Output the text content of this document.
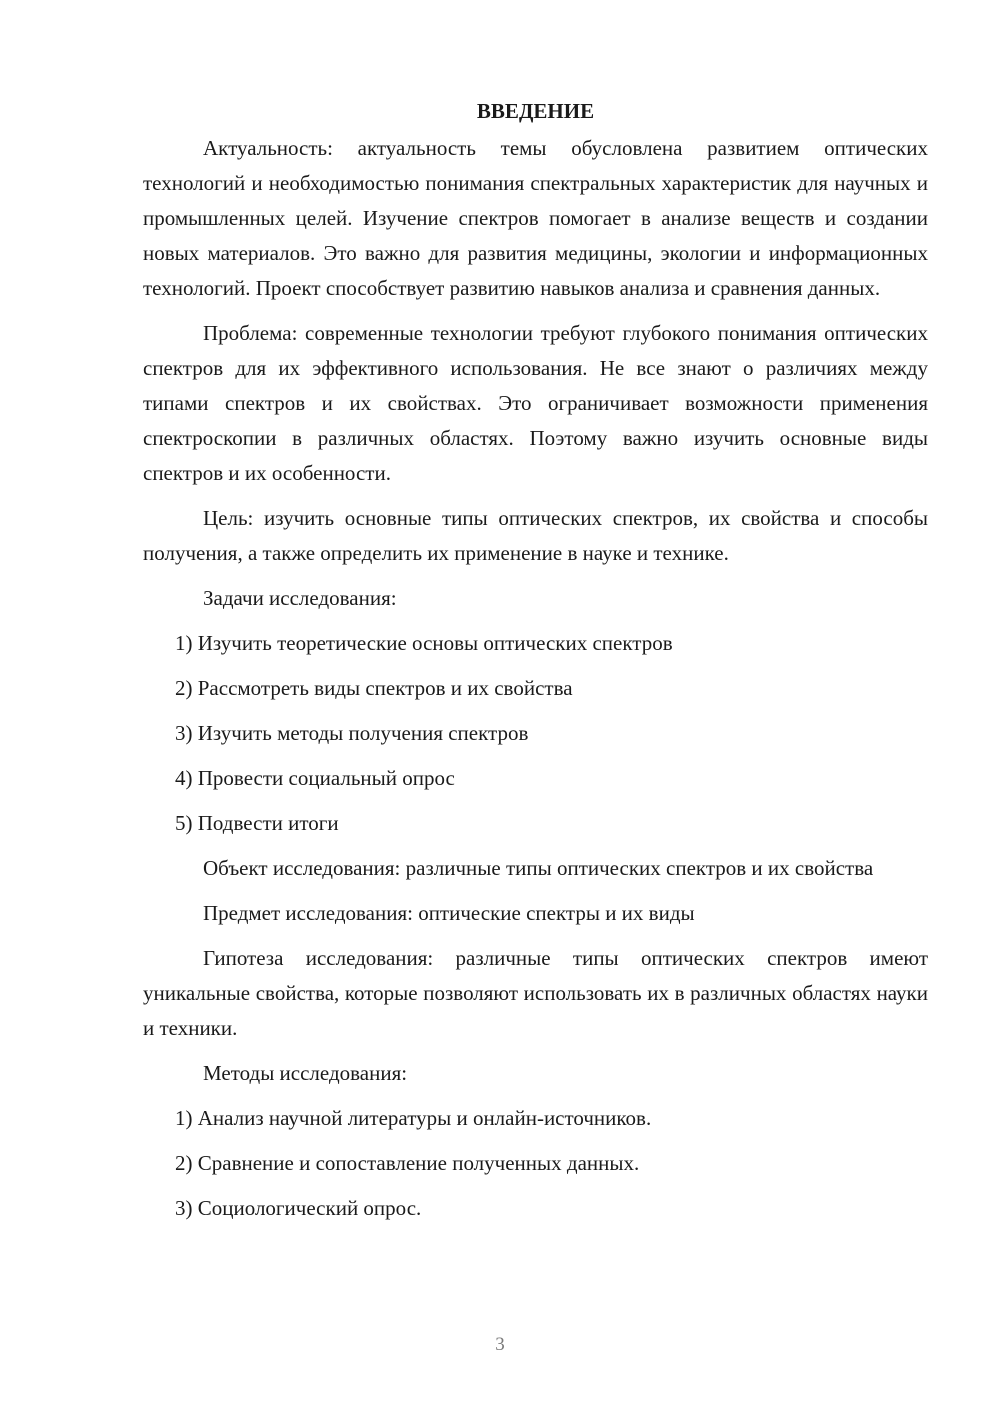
ВВЕДЕНИЕ

Актуальность: актуальность темы обусловлена развитием оптических технологий и необходимостью понимания спектральных характеристик для научных и промышленных целей. Изучение спектров помогает в анализе веществ и создании новых материалов. Это важно для развития медицины, экологии и информационных технологий. Проект способствует развитию навыков анализа и сравнения данных.

Проблема: современные технологии требуют глубокого понимания оптических спектров для их эффективного использования. Не все знают о различиях между типами спектров и их свойствах. Это ограничивает возможности применения спектроскопии в различных областях. Поэтому важно изучить основные виды спектров и их особенности.

Цель: изучить основные типы оптических спектров, их свойства и способы получения, а также определить их применение в науке и технике.

Задачи исследования:

1) Изучить теоретические основы оптических спектров
2) Рассмотреть виды спектров и их свойства
3) Изучить методы получения спектров
4) Провести социальный опрос
5) Подвести итоги

Объект исследования: различные типы оптических спектров и их свойства

Предмет исследования: оптические спектры и их виды

Гипотеза исследования: различные типы оптических спектров имеют уникальные свойства, которые позволяют использовать их в различных областях науки и техники.

Методы исследования:

1) Анализ научной литературы и онлайн-источников.
2) Сравнение и сопоставление полученных данных.
3) Социологический опрос.
3
